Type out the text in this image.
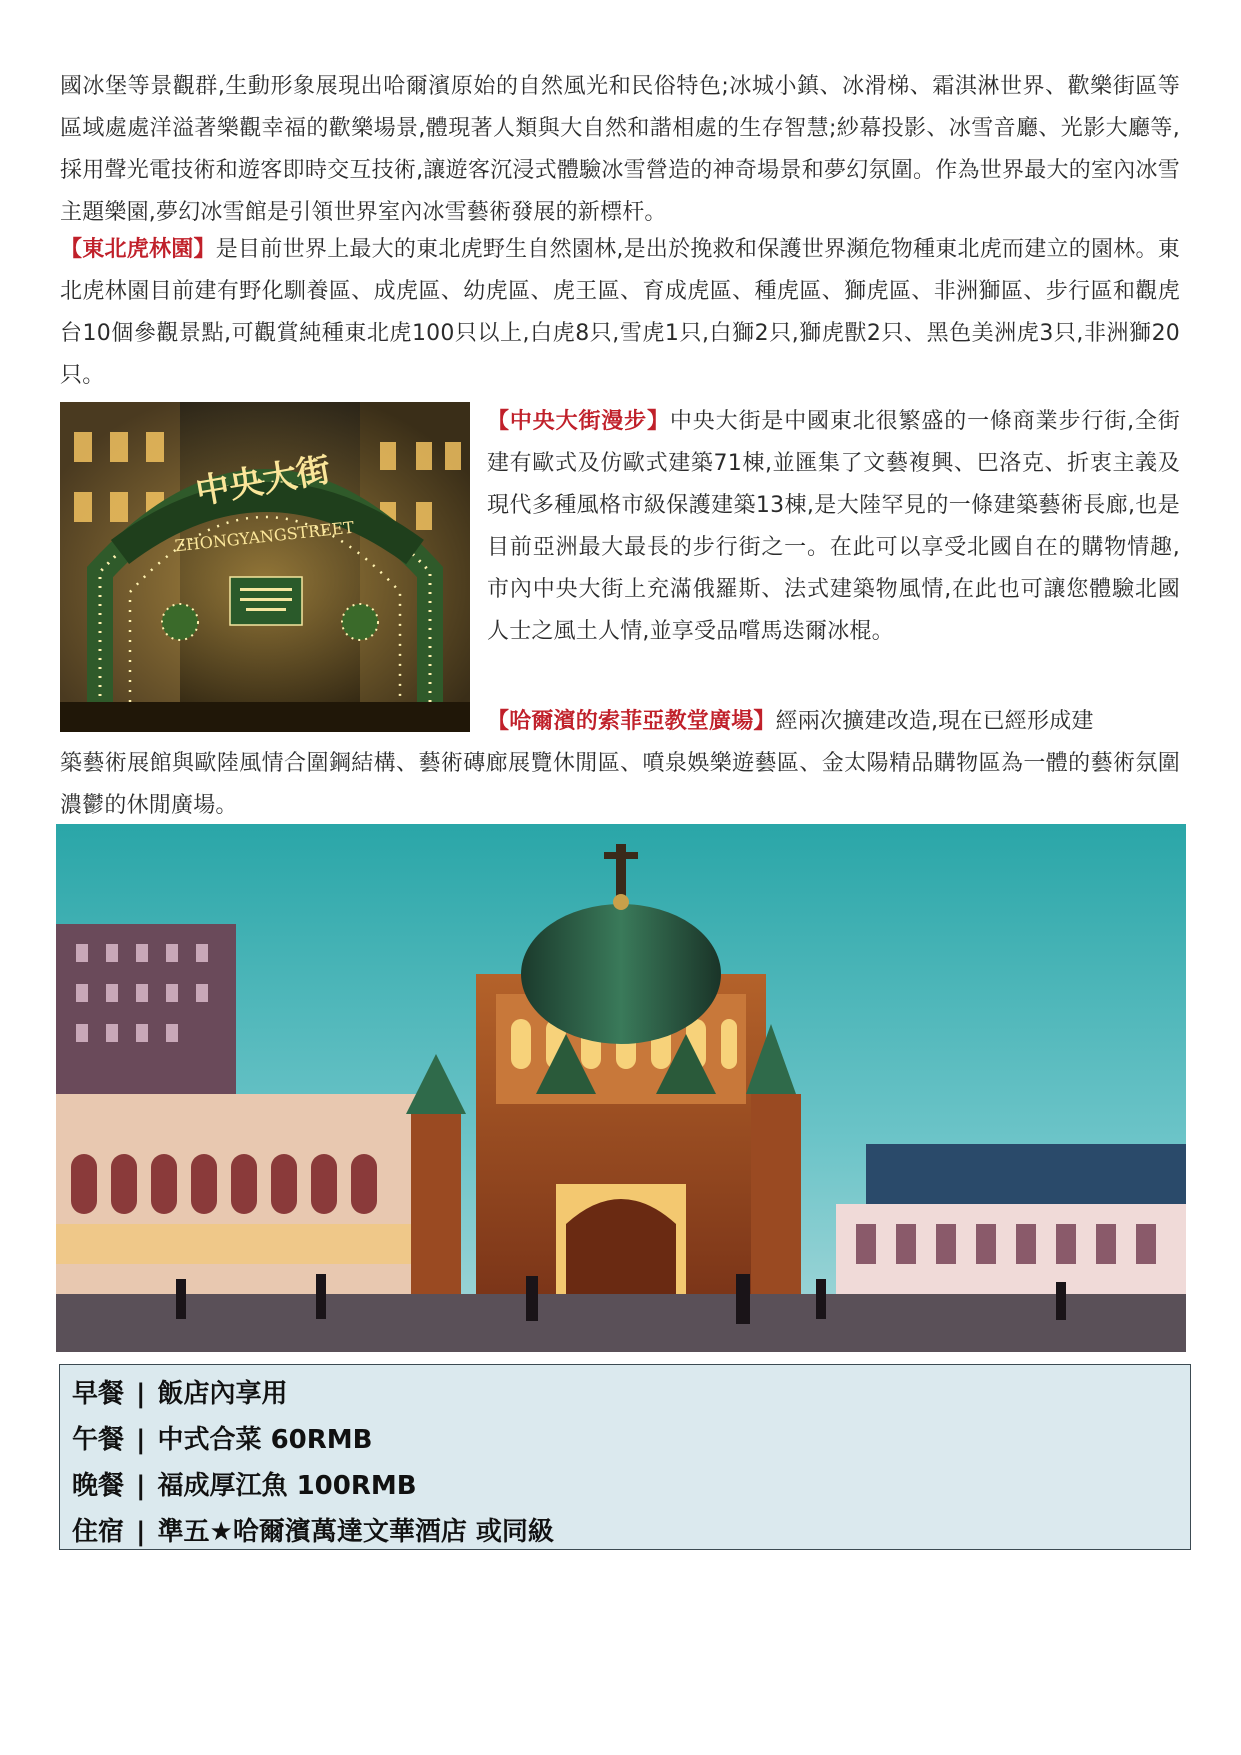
國冰堡等景觀群,生動形象展現出哈爾濱原始的自然風光和民俗特色;冰城小鎮、冰滑梯、霜淇淋世界、歡樂街區等區域處處洋溢著樂觀幸福的歡樂場景,體現著人類與大自然和諧相處的生存智慧;紗幕投影、冰雪音廳、光影大廳等,採用聲光電技術和遊客即時交互技術,讓遊客沉浸式體驗冰雪營造的神奇場景和夢幻氛圍。作為世界最大的室內冰雪主題樂園,夢幻冰雪館是引領世界室內冰雪藝術發展的新標杆。

【東北虎林園】是目前世界上最大的東北虎野生自然園林,是出於挽救和保護世界瀕危物種東北虎而建立的園林。東北虎林園目前建有野化馴養區、成虎區、幼虎區、虎王區、育成虎區、種虎區、獅虎區、非洲獅區、步行區和觀虎台10個參觀景點,可觀賞純種東北虎100只以上,白虎8只,雪虎1只,白獅2只,獅虎獸2只、黑色美洲虎3只,非洲獅20只。

中央大街
ZHONGYANGSTREET

【中央大街漫步】中央大街是中國東北很繁盛的一條商業步行街,全街建有歐式及仿歐式建築71棟,並匯集了文藝複興、巴洛克、折衷主義及現代多種風格市級保護建築13棟,是大陸罕見的一條建築藝術長廊,也是目前亞洲最大最長的步行街之一。在此可以享受北國自在的購物情趣,市內中央大街上充滿俄羅斯、法式建築物風情,在此也可讓您體驗北國人士之風土人情,並享受品嚐馬迭爾冰棍。

【哈爾濱的索菲亞教堂廣場】經兩次擴建改造,現在已經形成建

築藝術展館與歐陸風情合圍鋼結構、藝術磚廊展覽休閒區、噴泉娛樂遊藝區、金太陽精品購物區為一體的藝術氛圍濃鬱的休閒廣場。

早餐 | 飯店內享用
午餐 | 中式合菜 60RMB
晚餐 | 福成厚江魚 100RMB
住宿 | 準五★哈爾濱萬達文華酒店 或同級
